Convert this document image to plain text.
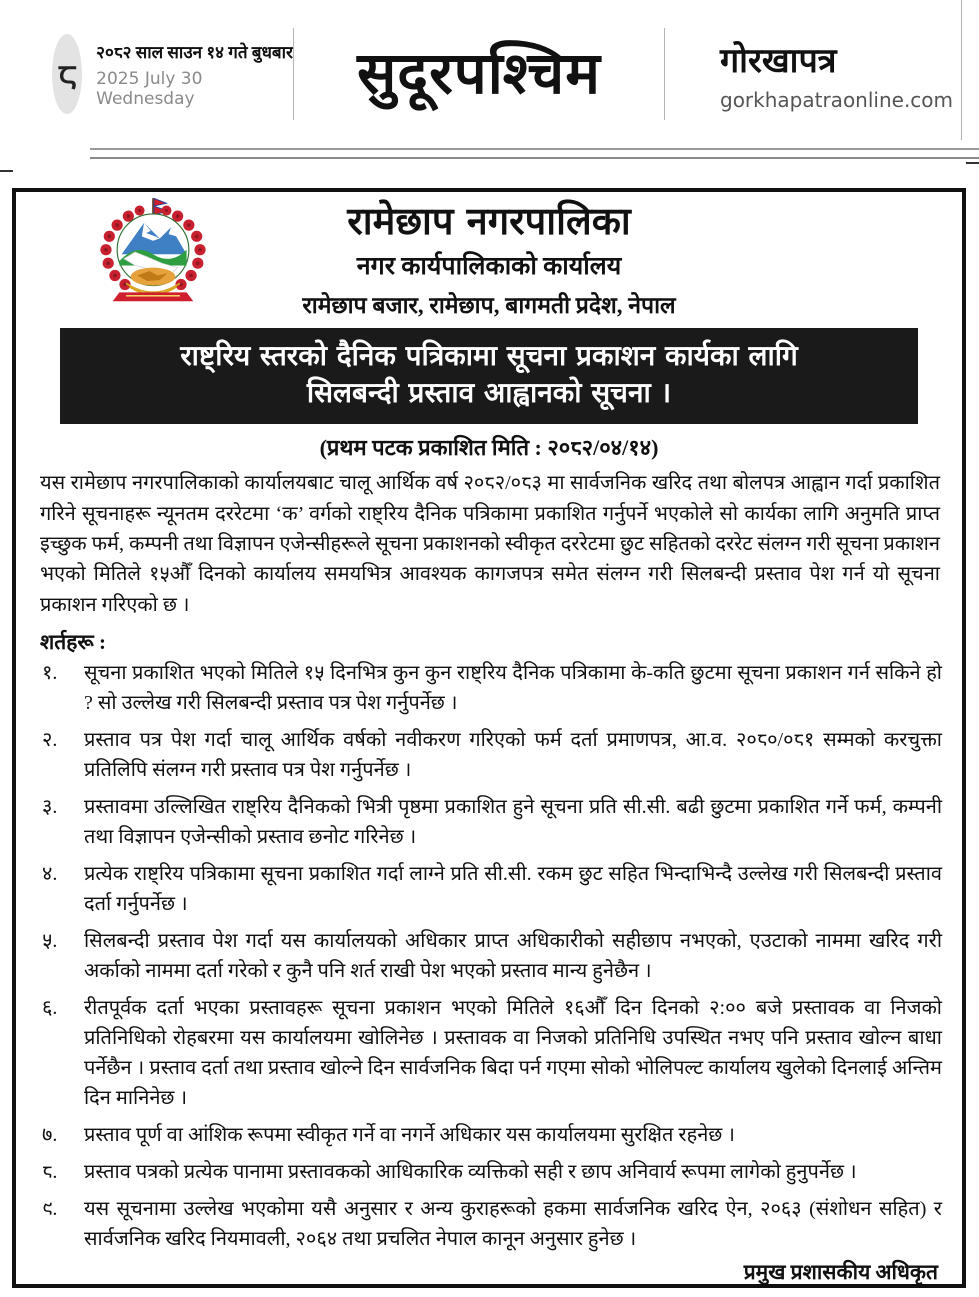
८
२०८२ साल साउन १४ गते बुधबार
2025 July 30 Wednesday	सुदूरपश्चिम	गोरखापत्र
gorkhapatraonline.com
रामेछाप नगरपालिका
नगर कार्यपालिकाको कार्यालय
रामेछाप बजार, रामेछाप, बागमती प्रदेश, नेपाल
राष्ट्रिय स्तरको दैनिक पत्रिकामा सूचना प्रकाशन कार्यका लागि
सिलबन्दी प्रस्ताव आह्वानको सूचना ।
(प्रथम पटक प्रकाशित मिति : २०८२/०४/१४)

यस रामेछाप नगरपालिकाको कार्यालयबाट चालू आर्थिक वर्ष २०८२/०८३ मा सार्वजनिक खरिद तथा बोलपत्र आह्वान गर्दा प्रकाशित गरिने सूचनाहरू न्यूनतम दररेटमा ‘क’ वर्गको राष्ट्रिय दैनिक पत्रिकामा प्रकाशित गर्नुपर्ने भएकोले सो कार्यका लागि अनुमति प्राप्त इच्छुक फर्म, कम्पनी तथा विज्ञापन एजेन्सीहरूले सूचना प्रकाशनको स्वीकृत दररेटमा छुट सहितको दररेट संलग्न गरी सूचना प्रकाशन भएको मितिले १५औँ दिनको कार्यालय समयभित्र आवश्यक कागजपत्र समेत संलग्न गरी सिलबन्दी प्रस्ताव पेश गर्न यो सूचना प्रकाशन गरिएको छ ।

शर्तहरू :
१.	सूचना प्रकाशित भएको मितिले १५ दिनभित्र कुन कुन राष्ट्रिय दैनिक पत्रिकामा के-कति छुटमा सूचना प्रकाशन गर्न सकिने हो ? सो उल्लेख गरी सिलबन्दी प्रस्ताव पत्र पेश गर्नुपर्नेछ ।
२.	प्रस्ताव पत्र पेश गर्दा चालू आर्थिक वर्षको नवीकरण गरिएको फर्म दर्ता प्रमाणपत्र, आ.व. २०८०/०८१ सम्मको करचुक्ता प्रतिलिपि संलग्न गरी प्रस्ताव पत्र पेश गर्नुपर्नेछ ।
३.	प्रस्तावमा उल्लिखित राष्ट्रिय दैनिकको भित्री पृष्ठमा प्रकाशित हुने सूचना प्रति सी.सी. बढी छुटमा प्रकाशित गर्ने फर्म, कम्पनी तथा विज्ञापन एजेन्सीको प्रस्ताव छनोट गरिनेछ ।
४.	प्रत्येक राष्ट्रिय पत्रिकामा सूचना प्रकाशित गर्दा लाग्ने प्रति सी.सी. रकम छुट सहित भिन्दाभिन्दै उल्लेख गरी सिलबन्दी प्रस्ताव दर्ता गर्नुपर्नेछ ।
५.	सिलबन्दी प्रस्ताव पेश गर्दा यस कार्यालयको अधिकार प्राप्त अधिकारीको सहीछाप नभएको, एउटाको नाममा खरिद गरी अर्काको नाममा दर्ता गरेको र कुनै पनि शर्त राखी पेश भएको प्रस्ताव मान्य हुनेछैन ।
६.	रीतपूर्वक दर्ता भएका प्रस्तावहरू सूचना प्रकाशन भएको मितिले १६औँ दिन दिनको २:०० बजे प्रस्तावक वा निजको प्रतिनिधिको रोहबरमा यस कार्यालयमा खोलिनेछ । प्रस्तावक वा निजको प्रतिनिधि उपस्थित नभए पनि प्रस्ताव खोल्न बाधा पर्नेछैन । प्रस्ताव दर्ता तथा प्रस्ताव खोल्ने दिन सार्वजनिक बिदा पर्न गएमा सोको भोलिपल्ट कार्यालय खुलेको दिनलाई अन्तिम दिन मानिनेछ ।
७.	प्रस्ताव पूर्ण वा आंशिक रूपमा स्वीकृत गर्ने वा नगर्ने अधिकार यस कार्यालयमा सुरक्षित रहनेछ ।
८.	प्रस्ताव पत्रको प्रत्येक पानामा प्रस्तावकको आधिकारिक व्यक्तिको सही र छाप अनिवार्य रूपमा लागेको हुनुपर्नेछ ।
९.	यस सूचनामा उल्लेख भएकोमा यसै अनुसार र अन्य कुराहरूको हकमा सार्वजनिक खरिद ऐन, २०६३ (संशोधन सहित) र सार्वजनिक खरिद नियमावली, २०६४ तथा प्रचलित नेपाल कानून अनुसार हुनेछ ।
प्रमुख प्रशासकीय अधिकृत
